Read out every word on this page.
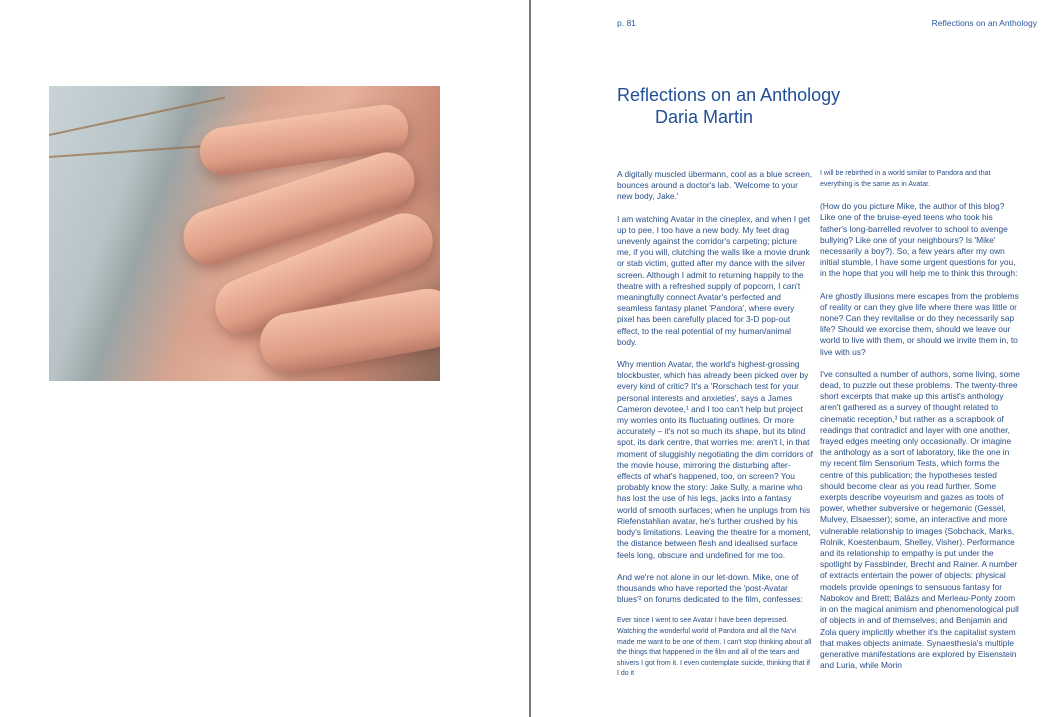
p. 81	Reflections on an Anthology
Reflections on an Anthology
Daria Martin

A digitally muscled übermann, cool as a blue screen, bounces around a doctor's lab. 'Welcome to your new body, Jake.'

I am watching Avatar in the cineplex, and when I get up to pee, I too have a new body. My feet drag unevenly against the corridor's carpeting; picture me, if you will, clutching the walls like a movie drunk or stab victim, gutted after my dance with the silver screen. Although I admit to returning happily to the theatre with a refreshed supply of popcorn, I can't meaningfully connect Avatar's perfected and seamless fantasy planet 'Pandora', where every pixel has been carefully placed for 3-D pop-out effect, to the real potential of my human/animal body.

Why mention Avatar, the world's highest-grossing blockbuster, which has already been picked over by every kind of critic? It's a 'Rorschach test for your personal interests and anxieties', says a James Cameron devotee,¹ and I too can't help but project my worries onto its fluctuating outlines. Or more accurately – it's not so much its shape, but its blind spot, its dark centre, that worries me: aren't I, in that moment of sluggishly negotiating the dim corridors of the movie house, mirroring the disturbing after-effects of what's happened, too, on screen? You probably know the story: Jake Sully, a marine who has lost the use of his legs, jacks into a fantasy world of smooth surfaces; when he unplugs from his Riefenstahlian avatar, he's further crushed by his body's limitations. Leaving the theatre for a moment, the distance between flesh and idealised surface feels long, obscure and undefined for me too.

And we're not alone in our let-down. Mike, one of thousands who have reported the 'post-Avatar blues'² on forums dedicated to the film, confesses:

Ever since I went to see Avatar I have been depressed. Watching the wonderful world of Pandora and all the Na'vi made me want to be one of them. I can't stop thinking about all the things that happened in the film and all of the tears and shivers I got from it. I even contemplate suicide, thinking that if I do it

I will be rebirthed in a world similar to Pandora and that everything is the same as in Avatar.

(How do you picture Mike, the author of this blog? Like one of the bruise-eyed teens who took his father's long-barrelled revolver to school to avenge bullying? Like one of your neighbours? Is 'Mike' necessarily a boy?). So, a few years after my own initial stumble, I have some urgent questions for you, in the hope that you will help me to think this through:

Are ghostly illusions mere escapes from the problems of reality or can they give life where there was little or none? Can they revitalise or do they necessarily sap life? Should we exorcise them, should we leave our world to live with them, or should we invite them in, to live with us?

I've consulted a number of authors, some living, some dead, to puzzle out these problems. The twenty-three short excerpts that make up this artist's anthology aren't gathered as a survey of thought related to cinematic reception,³ but rather as a scrapbook of readings that contradict and layer with one another, frayed edges meeting only occasionally. Or imagine the anthology as a sort of laboratory, like the one in my recent film Sensorium Tests, which forms the centre of this publication; the hypotheses tested should become clear as you read further. Some exerpts describe voyeurism and gazes as tools of power, whether subversive or hegemonic (Gessel, Mulvey, Elsaesser); some, an interactive and more vulnerable relationship to images (Sobchack, Marks, Rolnik, Koestenbaum, Shelley, Visher). Performance and its relationship to empathy is put under the spotlight by Fassbinder, Brecht and Rainer. A number of extracts entertain the power of objects: physical models provide openings to sensuous fantasy for Nabokov and Brett; Balázs and Merleau-Ponty zoom in on the magical animism and phenomenological pull of objects in and of themselves; and Benjamin and Zola query implicitly whether it's the capitalist system that makes objects animate. Synaesthesia's multiple generative manifestations are explored by Eisenstein and Luria, while Morin
